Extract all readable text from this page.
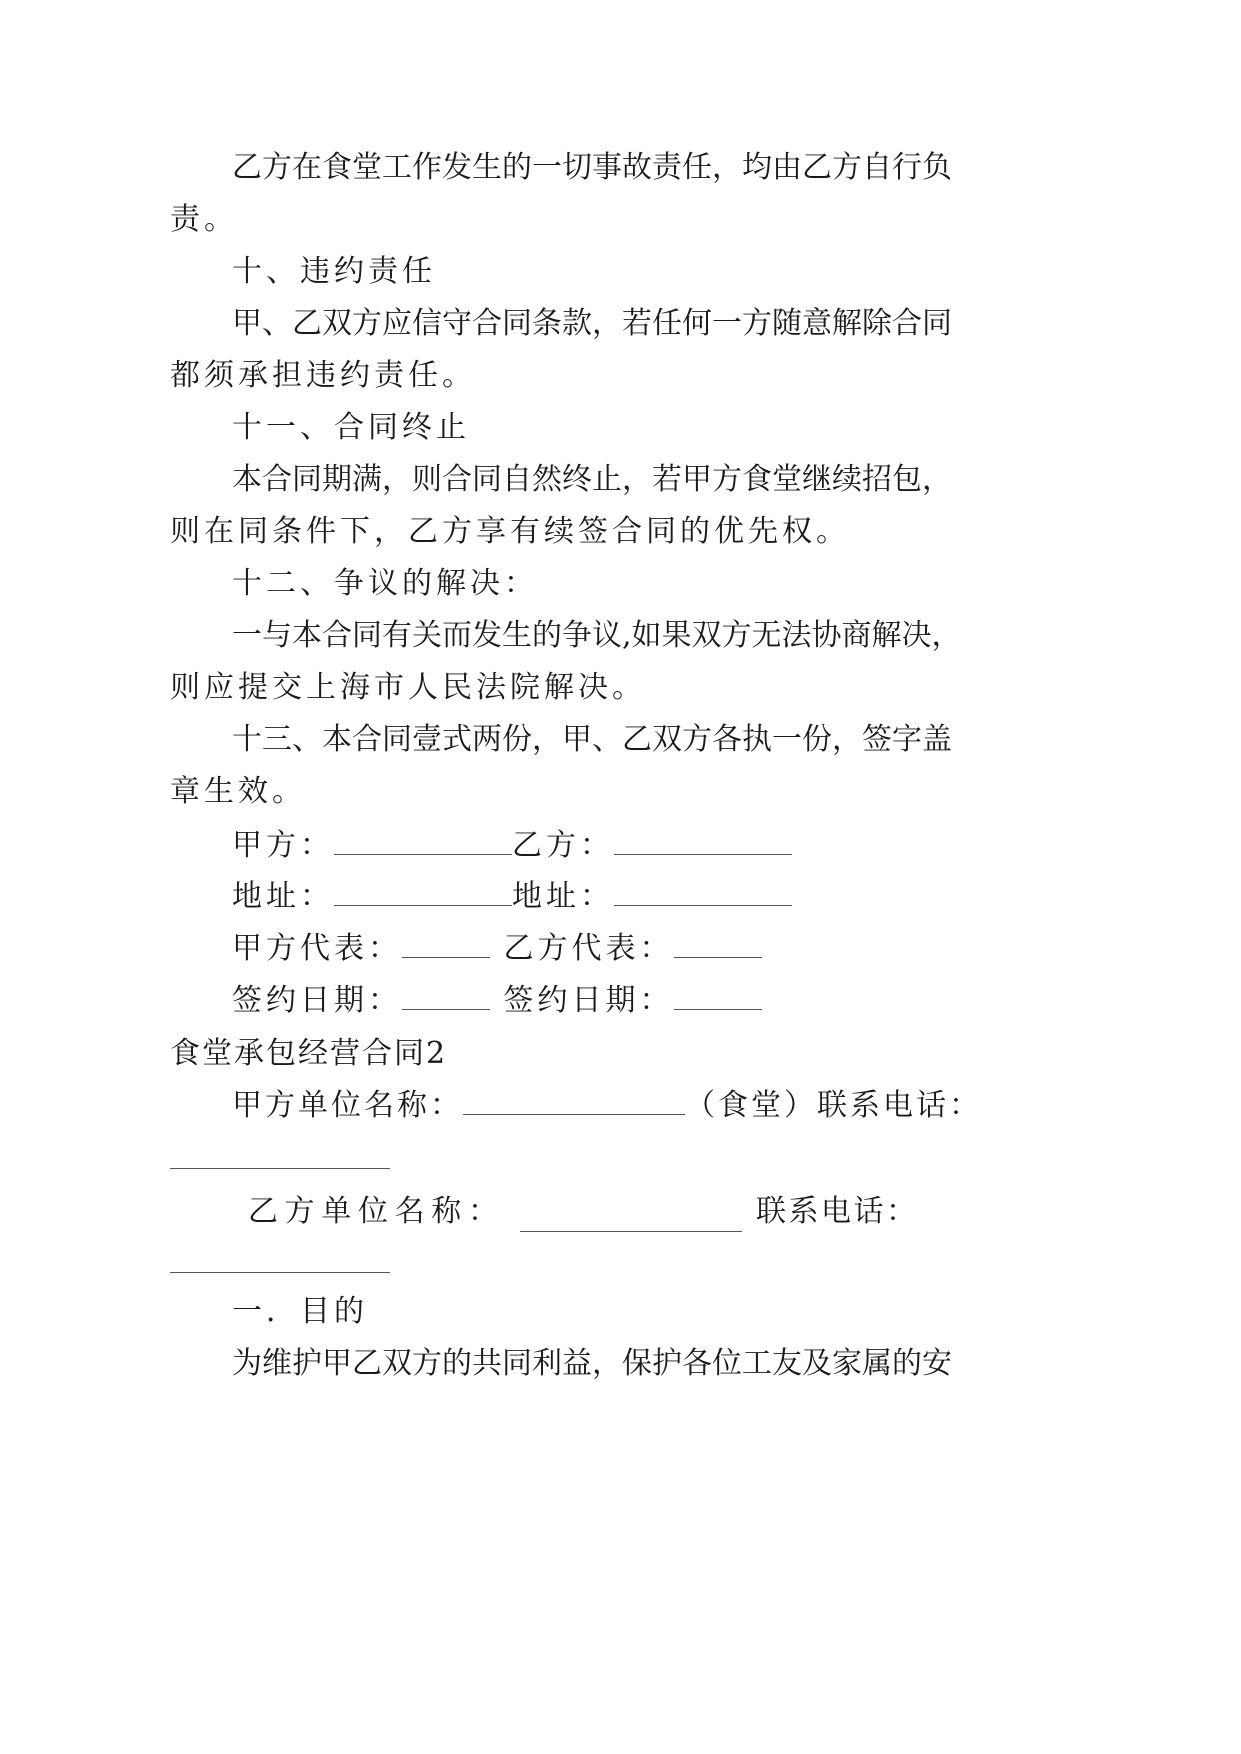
乙方在食堂工作发生的一切事故责任，均由乙方自行负
责。
十、违约责任
甲、乙双方应信守合同条款，若任何一方随意解除合同
都须承担违约责任。
十一、合同终止
本合同期满，则合同自然终止，若甲方食堂继续招包，
则在同条件下，乙方享有续签合同的优先权。
十二、争议的解决：
一与本合同有关而发生的争议,如果双方无法协商解决，
则应提交上海市人民法院解决。
十三、本合同壹式两份，甲、乙双方各执一份，签字盖
章生效。
甲方：	乙方：
地址：	地址：
甲方代表：	乙方代表：
签约日期：	签约日期：
食堂承包经营合同2
甲方单位名称：	（食堂）联系电话：
乙 方 单 位 名 称 ：	联 系 电 话 ：
一．目的
为维护甲乙双方的共同利益，保护各位工友及家属的安
